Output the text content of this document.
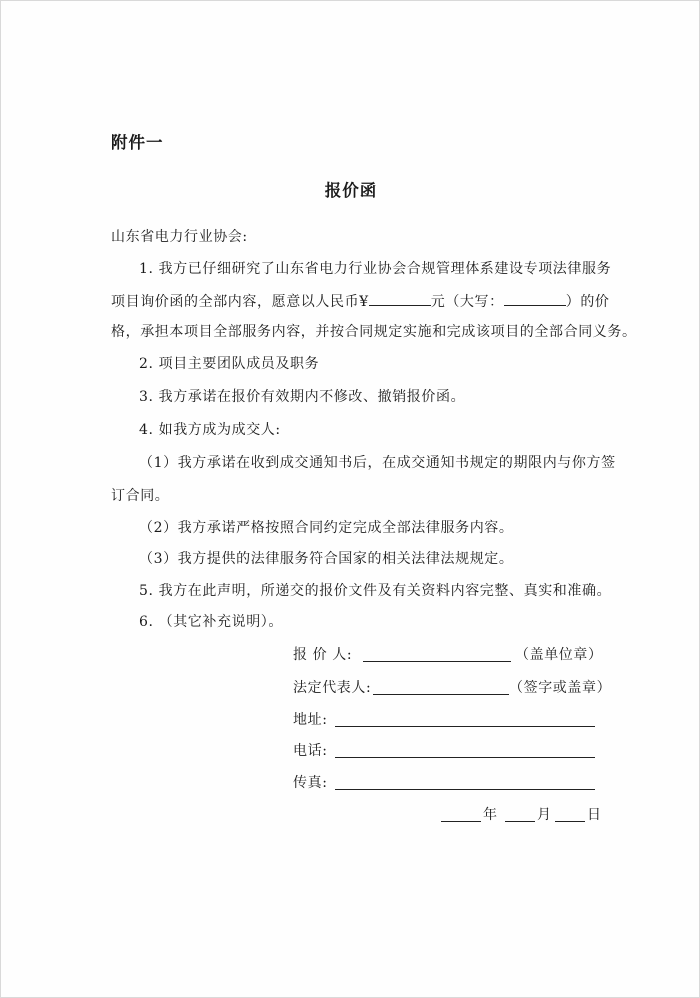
附件一
报价函
山东省电力行业协会:
1. 我方已仔细研究了山东省电力行业协会合规管理体系建设专项法律服务
项目询价函的全部内容，愿意以人民币¥	元（大写：	）的价
格，承担本项目全部服务内容，并按合同规定实施和完成该项目的全部合同义务。
2. 项目主要团队成员及职务
3. 我方承诺在报价有效期内不修改、撤销报价函。
4. 如我方成为成交人:
（1）我方承诺在收到成交通知书后，在成交通知书规定的期限内与你方签
订合同。
（2）我方承诺严格按照合同约定完成全部法律服务内容。
（3）我方提供的法律服务符合国家的相关法律法规规定。
5. 我方在此声明，所递交的报价文件及有关资料内容完整、真实和准确。
6. （其它补充说明）。
报 价 人:	（盖单位章）
法定代表人:	（签字或盖章）
地址:
电话:
传真:
年	月	日
